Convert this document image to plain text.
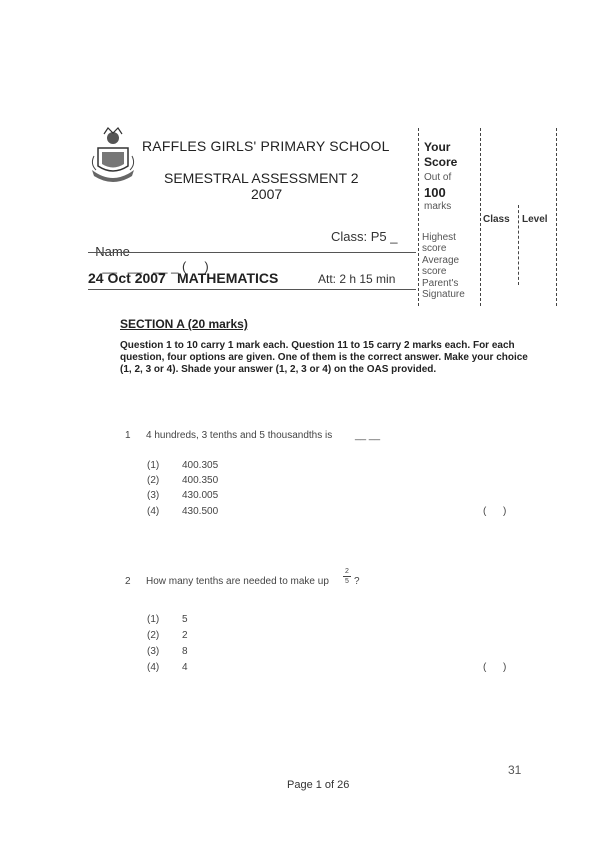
RAFFLES GIRLS' PRIMARY SCHOOL
SEMESTRAL ASSESSMENT 2
2007

Name
__   __   __ _ (     )

Class: P5 _
24 Oct 2007 MATHEMATICS	Att: 2 h 15 min
Your
Score
Out of
100
marks
Highest
score
Average
score
Parent's
Signature
Class Level
SECTION A (20 marks)
Question 1 to 10 carry 1 mark each. Question 11 to 15 carry 2 marks each. For each question, four options are given. One of them is the correct answer. Make your choice (1, 2, 3 or 4). Shade your answer (1, 2, 3 or 4) on the OAS provided.
1 4 hundreds, 3 tenths and 5 thousandths is __ __
(1) 400.305
(2) 400.350
(3) 430.005
(4) 430.500	(      )
2 How many tenths are needed to make up
2
5 ?
(1) 5
(2) 2
(3) 8
(4) 4	(      )
31
Page 1 of 26
